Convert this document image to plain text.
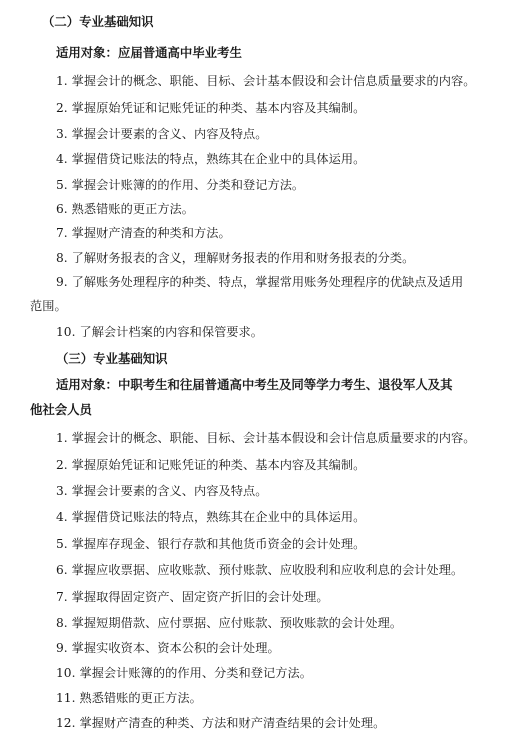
（二）专业基础知识
适用对象：应届普通高中毕业考生
1. 掌握会计的概念、职能、目标、会计基本假设和会计信息质量要求的内容。
2. 掌握原始凭证和记账凭证的种类、基本内容及其编制。
3. 掌握会计要素的含义、内容及特点。
4. 掌握借贷记账法的特点，熟练其在企业中的具体运用。
5. 掌握会计账簿的的作用、分类和登记方法。
6. 熟悉错账的更正方法。
7. 掌握财产清查的种类和方法。
8. 了解财务报表的含义，理解财务报表的作用和财务报表的分类。
9. 了解账务处理程序的种类、特点，掌握常用账务处理程序的优缺点及适用
范围。
10. 了解会计档案的内容和保管要求。
（三）专业基础知识
适用对象：中职考生和往届普通高中考生及同等学力考生、退役军人及其
他社会人员
1. 掌握会计的概念、职能、目标、会计基本假设和会计信息质量要求的内容。
2. 掌握原始凭证和记账凭证的种类、基本内容及其编制。
3. 掌握会计要素的含义、内容及特点。
4. 掌握借贷记账法的特点，熟练其在企业中的具体运用。
5. 掌握库存现金、银行存款和其他货币资金的会计处理。
6. 掌握应收票据、应收账款、预付账款、应收股利和应收利息的会计处理。
7. 掌握取得固定资产、固定资产折旧的会计处理。
8. 掌握短期借款、应付票据、应付账款、预收账款的会计处理。
9. 掌握实收资本、资本公积的会计处理。
10. 掌握会计账簿的的作用、分类和登记方法。
11. 熟悉错账的更正方法。
12. 掌握财产清查的种类、方法和财产清查结果的会计处理。
